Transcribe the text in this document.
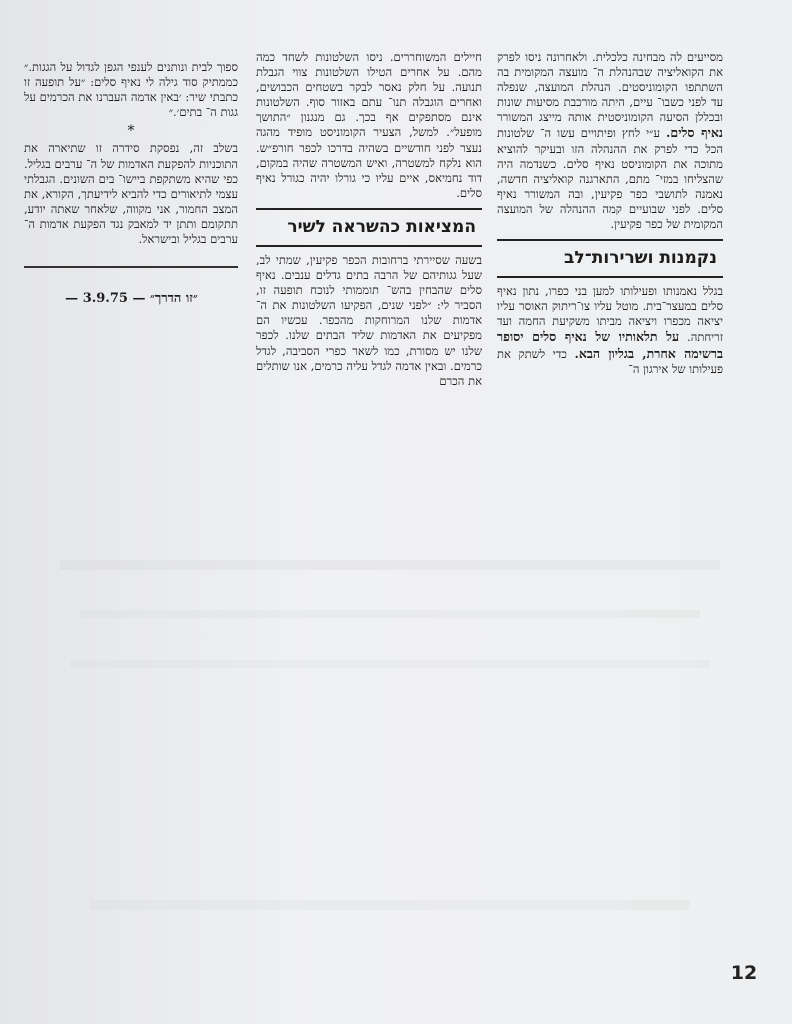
מסייעים לה מבחינה כלכלית. ולאחרונה ניסו לפרק את הקואליציה שבהנהלת ה־ מועצה המקומית בה השתתפו הקומוניסטים. הנהלת המועצה, שנפלה עד לפני כשבו־ עיים, היתה מורכבת מסיעות שונות ובכללן הסיעה הקומוניסטית אותה מייצג המשורר נאיף סלים. ע״י לחץ ופיתויים עשו ה־ שלטונות הכל כדי לפרק את ההנהלה הזו ובעיקר להוציא מתוכה את הקומוניסט נאיף סלים. כשנדמה היה שהצליחו במזי־ מתם, התארגנה קואליציה חדשה, נאמנה לתושבי כפר פקיעין, ובה המשורר נאיף סלים. לפני שבועיים קמה ההנהלה של המועצה המקומית של כפר פקיעין.

נקמנות ושרירות־לב

בגלל נאמנותו ופעילותו למען בני כפרו, נתון נאיף סלים במעצר־בית. מוטל עליו צו־ריתוק האוסר עליו יציאה מכפרו ויציאה מביתו משקיעת החמה ועד זריחתה. על תלאותיו של נאיף סלים יסופר ברשימה אחרת, בגליון הבא. כדי לשתק את פעילותו של אירגון ה־

חיילים המשוחררים. ניסו השלטונות לשחד כמה מהם. על אחרים הטילו השלטונות צווי הגבלת תנועה. על חלק נאסר לבקר בשטחים הכבושים, ואחרים הוגבלה תנו־ עתם באזור סוף. השלטונות אינם מסתפקים אף בכך. גם מנגנון ״התושך מופעל״. למשל, הצעיר הקומוניסט מופיד מהגה נעצר לפני חודשיים בשהיה בדרכו לכפר חורפ״ש. הוא נלקח למשטרה, ואיש המשטרה שהיה במקום, דוד נחמיאס, איים עליו כי גורלו יהיה כגורל נאיף סלים.

המציאות כהשראה לשיר

בשעה שסיירתי ברחובות הכפר פקיעין, שמתי לב, שעל גגותיהם של הרבה בתים גדלים ענבים. נאיף סלים שהבחין בהש־ תוממותי לנוכח תופעה זו, הסביר לי: ״לפני שנים, הפקיעו השלטונות את ה־ אדמות שלנו המרוחקות מהכפר. עכשיו הם מפקיעים את האדמות שליד הבתים שלנו. לכפר שלנו יש מסורת, כמו לשאר כפרי הסביבה, לגדל כרמים. ובאין אדמה לגדל עליה כרמים, אנו שותלים את הכרם

ספוך לבית ונותנים לענפי הגפן לגדול על הגגות.״ כממתיק סוד גילה לי נאיף סלים: ״על תופעה זו כתבתי שיר: ׳באין אדמה העברנו את הכרמים על גגות ה־ בתים׳.״

*

בשלב זה, נפסקת סידרה זו שתיארה את התוכניות להפקעת האדמות של ה־ ערבים בגליל. כפי שהיא משתקפת ביישו־ בים השונים. הגבלתי עצמי לתיאורים כדי להביא לידיעתך, הקורא, את המצב החמור, אני מקווה, שלאחר שאתה יודע, תתקומם ותתן יד למאבק נגד הפקעת אדמות ה־ ערבים בגליל ובישראל.

״זו הדרך״ — 3.9.75 —
12
